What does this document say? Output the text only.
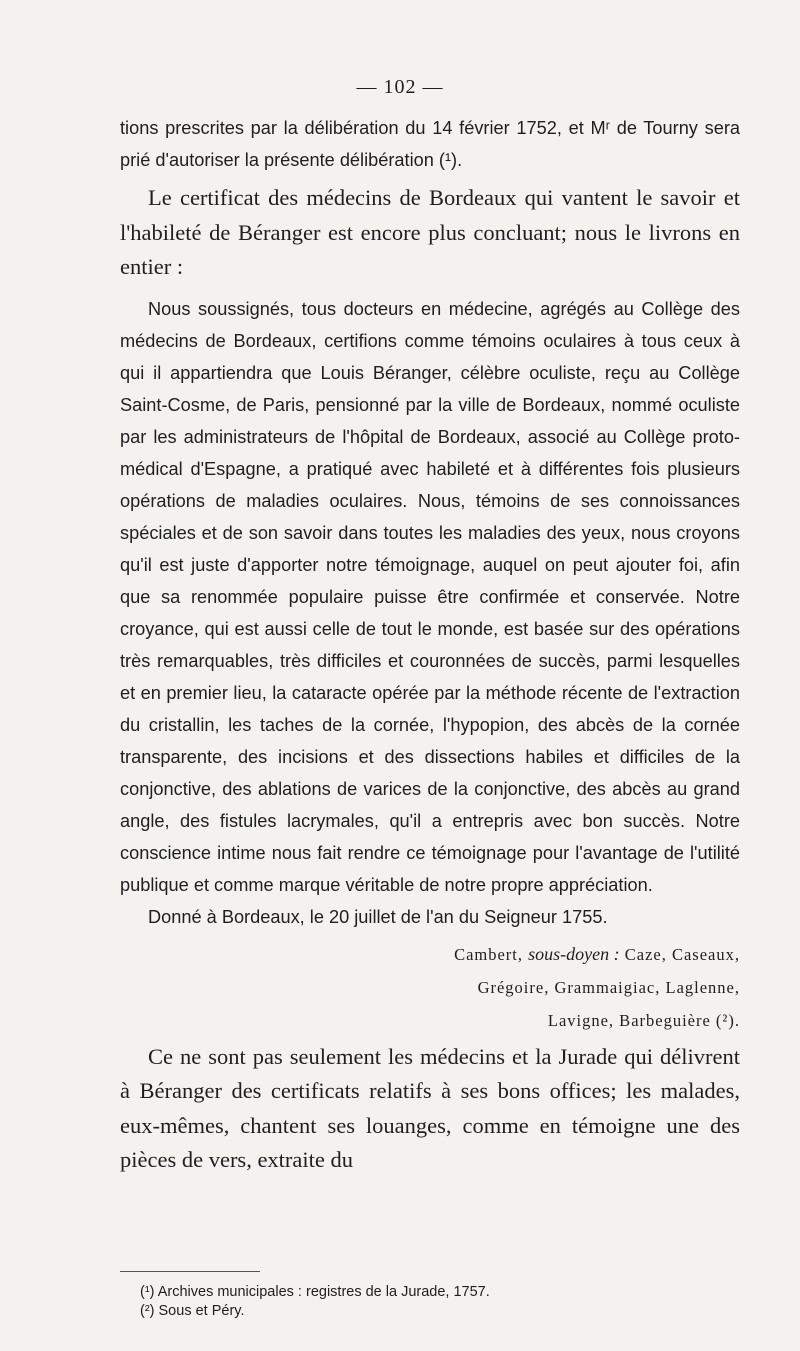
— 102 —

tions prescrites par la délibération du 14 février 1752, et Mʳ de Tourny sera prié d'autoriser la présente délibération (¹).

Le certificat des médecins de Bordeaux qui vantent le savoir et l'habileté de Béranger est encore plus concluant; nous le livrons en entier :

Nous soussignés, tous docteurs en médecine, agrégés au Collège des médecins de Bordeaux, certifions comme témoins oculaires à tous ceux à qui il appartiendra que Louis Béranger, célèbre oculiste, reçu au Collège Saint-Cosme, de Paris, pensionné par la ville de Bordeaux, nommé oculiste par les administrateurs de l'hôpital de Bordeaux, associé au Collège proto-médical d'Espagne, a pratiqué avec habileté et à différentes fois plusieurs opérations de maladies oculaires. Nous, témoins de ses connoissances spéciales et de son savoir dans toutes les maladies des yeux, nous croyons qu'il est juste d'apporter notre témoignage, auquel on peut ajouter foi, afin que sa renommée populaire puisse être confirmée et conservée. Notre croyance, qui est aussi celle de tout le monde, est basée sur des opérations très remarquables, très difficiles et couronnées de succès, parmi lesquelles et en premier lieu, la cataracte opérée par la méthode récente de l'extraction du cristallin, les taches de la cornée, l'hypopion, des abcès de la cornée transparente, des incisions et des dissections habiles et difficiles de la conjonctive, des ablations de varices de la conjonctive, des abcès au grand angle, des fistules lacrymales, qu'il a entrepris avec bon succès. Notre conscience intime nous fait rendre ce témoignage pour l'avantage de l'utilité publique et comme marque véritable de notre propre appréciation.

Donné à Bordeaux, le 20 juillet de l'an du Seigneur 1755.

Cambert, sous-doyen : Caze, Caseaux,

Grégoire, Grammaigiac, Laglenne,

Lavigne, Barbeguière (²).

Ce ne sont pas seulement les médecins et la Jurade qui délivrent à Béranger des certificats relatifs à ses bons offices; les malades, eux-mêmes, chantent ses louanges, comme en témoigne une des pièces de vers, extraite du

(¹) Archives municipales : registres de la Jurade, 1757.

(²) Sous et Péry.
